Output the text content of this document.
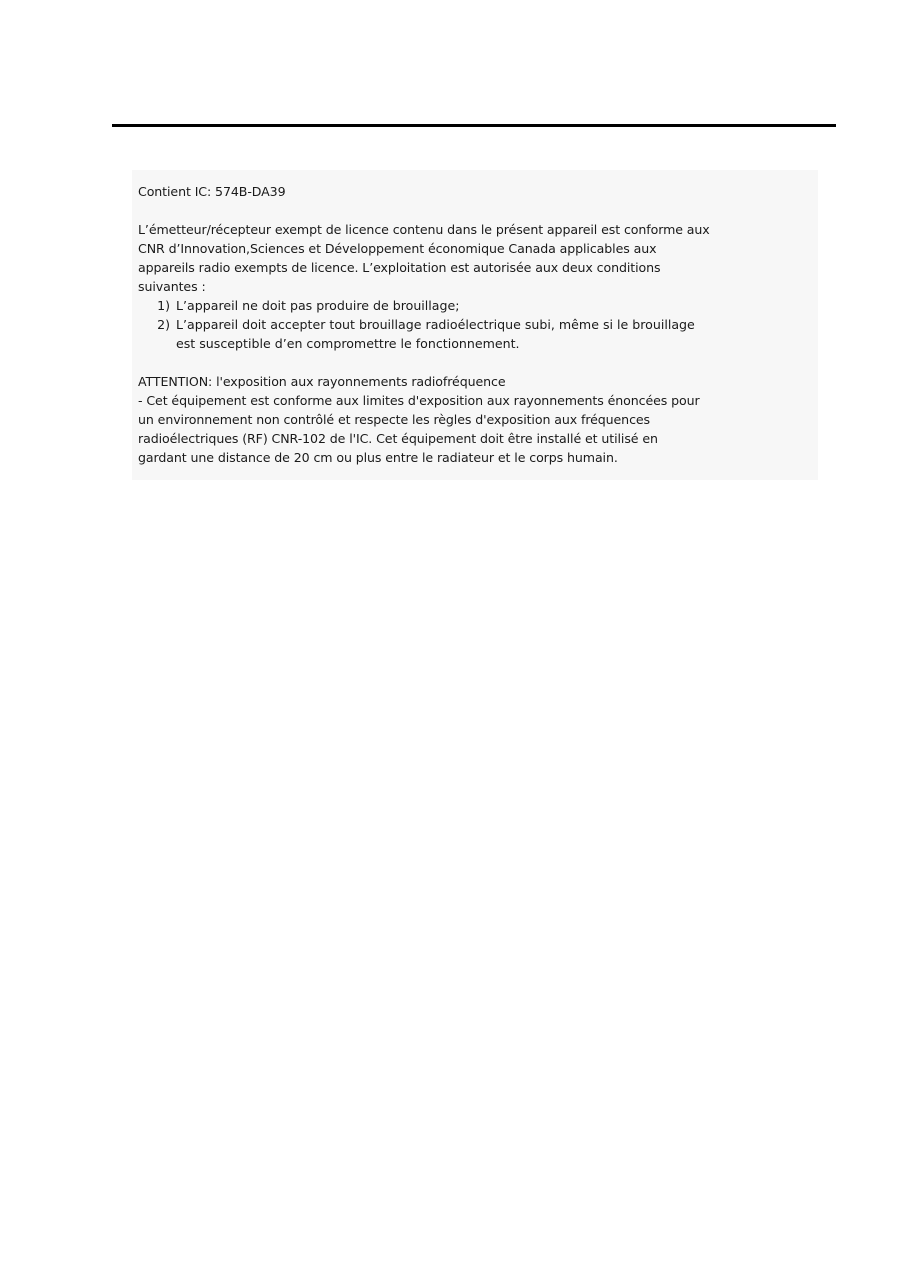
Contient IC: 574B-DA39
L’émetteur/récepteur exempt de licence contenu dans le présent appareil est conforme aux
CNR d’Innovation,Sciences et Développement économique Canada applicables aux
appareils radio exempts de licence. L’exploitation est autorisée aux deux conditions
suivantes :
1) L’appareil ne doit pas produire de brouillage;
2) L’appareil doit accepter tout brouillage radioélectrique subi, même si le brouillage
est susceptible d’en compromettre le fonctionnement.
ATTENTION: l'exposition aux rayonnements radiofréquence
- Cet équipement est conforme aux limites d'exposition aux rayonnements énoncées pour
un environnement non contrôlé et respecte les règles d'exposition aux fréquences
radioélectriques (RF) CNR-102 de l'IC. Cet équipement doit être installé et utilisé en
gardant une distance de 20 cm ou plus entre le radiateur et le corps humain.
